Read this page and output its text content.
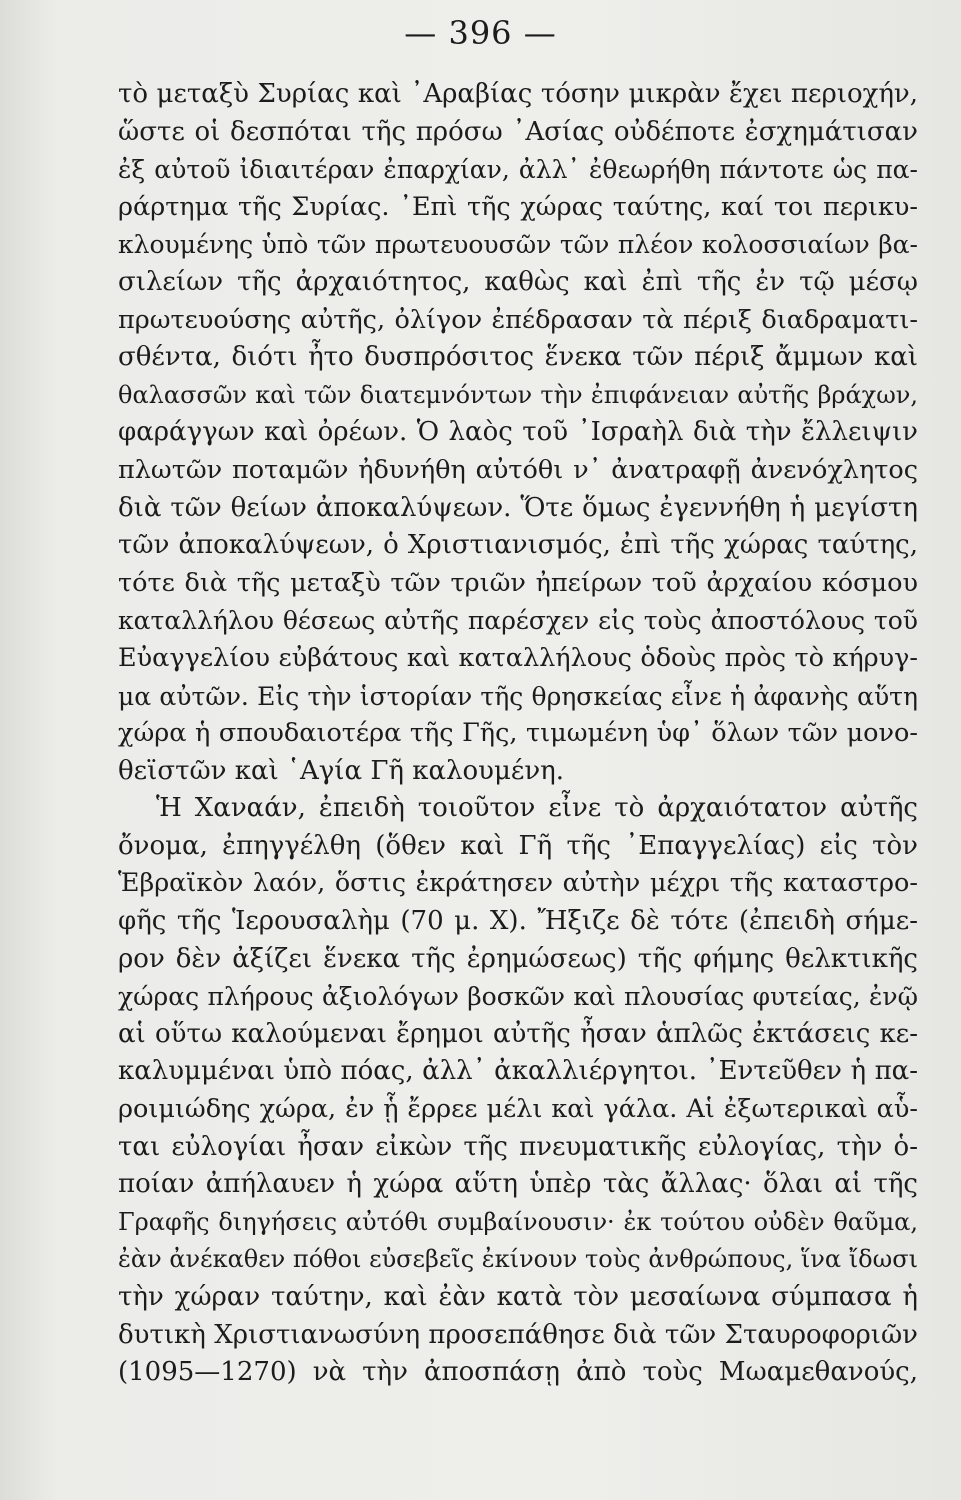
— 396 —
τὸ μεταξὺ Συρίας καὶ ᾽Αραβίας τόσην μικρὰν ἔχει περιοχήν,
ὥστε οἱ δεσπόται τῆς πρόσω ᾽Ασίας οὐδέποτε ἐσχημάτισαν
ἐξ αὐτοῦ ἰδιαιτέραν ἐπαρχίαν, ἀλλ᾽ ἐθεωρήθη πάντοτε ὡς πα-
ράρτημα τῆς Συρίας. ᾽Επὶ τῆς χώρας ταύτης, καί τοι περικυ-
κλουμένης ὑπὸ τῶν πρωτευουσῶν τῶν πλέον κολοσσιαίων βα-
σιλείων τῆς ἀρχαιότητος, καθὼς καὶ ἐπὶ τῆς ἐν τῷ μέσῳ
πρωτευούσης αὐτῆς, ὀλίγον ἐπέδρασαν τὰ πέριξ διαδραματι-
σθέντα, διότι ἦτο δυσπρόσιτος ἕνεκα τῶν πέριξ ἄμμων καὶ
θαλασσῶν καὶ τῶν διατεμνόντων τὴν ἐπιφάνειαν αὐτῆς βράχων,
φαράγγων καὶ ὀρέων. Ὁ λαὸς τοῦ ᾽Ισραὴλ διὰ τὴν ἔλλειψιν
πλωτῶν ποταμῶν ἠδυνήθη αὐτόθι ν᾽ ἀνατραφῇ ἀνενόχλητος
διὰ τῶν θείων ἀποκαλύψεων. Ὅτε ὅμως ἐγεννήθη ἡ μεγίστη
τῶν ἀποκαλύψεων, ὁ Χριστιανισμός, ἐπὶ τῆς χώρας ταύτης,
τότε διὰ τῆς μεταξὺ τῶν τριῶν ἠπείρων τοῦ ἀρχαίου κόσμου
καταλλήλου θέσεως αὐτῆς παρέσχεν εἰς τοὺς ἀποστόλους τοῦ
Εὐαγγελίου εὐβάτους καὶ καταλλήλους ὁδοὺς πρὸς τὸ κήρυγ-
μα αὐτῶν. Εἰς τὴν ἱστορίαν τῆς θρησκείας εἶνε ἡ ἀφανὴς αὕτη
χώρα ἡ σπουδαιοτέρα τῆς Γῆς, τιμωμένη ὑφ᾽ ὅλων τῶν μονο-
θεϊστῶν καὶ ῾Αγία Γῆ καλουμένη.
Ἡ Χαναάν, ἐπειδὴ τοιοῦτον εἶνε τὸ ἀρχαιότατον αὐτῆς
ὄνομα, ἐπηγγέλθη (ὅθεν καὶ Γῆ τῆς ᾽Επαγγελίας) εἰς τὸν
Ἑβραϊκὸν λαόν, ὅστις ἐκράτησεν αὐτὴν μέχρι τῆς καταστρο-
φῆς τῆς Ἱερουσαλὴμ (70 μ. Χ). Ἤξιζε δὲ τότε (ἐπειδὴ σήμε-
ρον δὲν ἀξίζει ἕνεκα τῆς ἐρημώσεως) τῆς φήμης θελκτικῆς
χώρας πλήρους ἀξιολόγων βοσκῶν καὶ πλουσίας φυτείας, ἐνῷ
αἱ οὕτω καλούμεναι ἔρημοι αὐτῆς ἦσαν ἁπλῶς ἐκτάσεις κε-
καλυμμέναι ὑπὸ πόας, ἀλλ᾽ ἀκαλλιέργητοι. ᾽Εντεῦθεν ἡ πα-
ροιμιώδης χώρα, ἐν ᾗ ἔρρεε μέλι καὶ γάλα. Αἱ ἐξωτερικαὶ αὗ-
ται εὐλογίαι ἦσαν εἰκὼν τῆς πνευματικῆς εὐλογίας, τὴν ὁ-
ποίαν ἀπήλαυεν ἡ χώρα αὕτη ὑπὲρ τὰς ἄλλας· ὅλαι αἱ τῆς
Γραφῆς διηγήσεις αὐτόθι συμβαίνουσιν· ἐκ τούτου οὐδὲν θαῦμα,
ἐὰν ἀνέκαθεν πόθοι εὐσεβεῖς ἐκίνουν τοὺς ἀνθρώπους, ἵνα ἴδωσι
τὴν χώραν ταύτην, καὶ ἐὰν κατὰ τὸν μεσαίωνα σύμπασα ἡ
δυτικὴ Χριστιανωσύνη προσεπάθησε διὰ τῶν Σταυροφοριῶν
(1095—1270) νὰ τὴν ἀποσπάσῃ ἀπὸ τοὺς Μωαμεθανούς,
